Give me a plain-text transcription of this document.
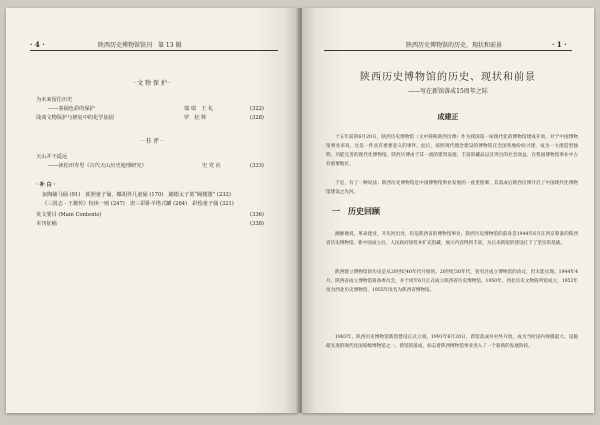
· 4 ·	陕西历史博物馆馆刊　第 13 辑
· 文 物 保 护 ·
为未来留住历史
——秦俑色彩的保护	瑞 瑞　王 礼	(322)
浅谈文物保护与修复中的化学加固	罗　松 辉	(328)
· 书 评 ·
天山并不遥远
——读松田寿男《古代天山历史地理研究》	史 党 社	(333)
· 补 白 ·
灰陶铺马俑 (91)　拣照童子俑、椰胡外儿童俑 (170)　懿德太子墓“阙楼图” (232)
《三国志 · 王粲传》校读一则 (247)　唐三彩卧羊塔式罐 (264)　彩绘童子俑 (321)
英文要目 (Main Contents)	(336)
本刊征稿	(338)
陕西历史博物馆的历史、现状和前景	· 1 ·
陕西历史博物馆的历史、现状和前景
——写在新馆落成15周年之际
成建正
十五年前的6月20日，陕西历史博物馆（文中简称陕西历博）作为我国第一座现代化的博物馆建成开放。对于中国博物馆事业来说，这是一件具有重要意义的事件。此后，按照现代理念建设的博物馆在全国各地纷纷兴建，成为一大批造型独特、功能完善的现代化博物馆。陕西历博由于其一流的建筑设施、丰富的藏品以及突出的社会效益，在我国博物馆事业中占有重要地位。
于是，有了一种说法：陕西历史博物馆是中国博物馆事业发展的一座里程碑，其落成后陕西历博开启了中国现代化博物馆建设之先河。
一　历史回顾
溯源地说，革命建业，开先河出处，均是陕西省的博物馆事业。陕西历史博物馆的前身是1944年6月在西京筹备的陕西省历史博物馆。新中国成立后，人民政府接管并扩充馆藏，展示内容得到丰富，为后来新馆的建设打下了坚实的基础。
陕西建立博物馆的历史是从20世纪40年代开始的。20世纪30年代，曾有过成立博物馆的动议，但未能实现。1944年4月，陕西省成立博物馆筹备委员会，并于同年6月正式成立陕西省历史博物馆。1950年，西北历史文物陈列馆成立，1952年改为西北历史博物馆，1955年改名为陕西省博物馆。
1983年，陕西历史博物馆新馆建设正式立项。1991年6月20日，新馆落成并对外开放，成为当时国内规模最大、设施最先进的现代化国家级博物馆之一。新馆的落成，标志着陕西博物馆事业进入了一个崭新的发展阶段。
